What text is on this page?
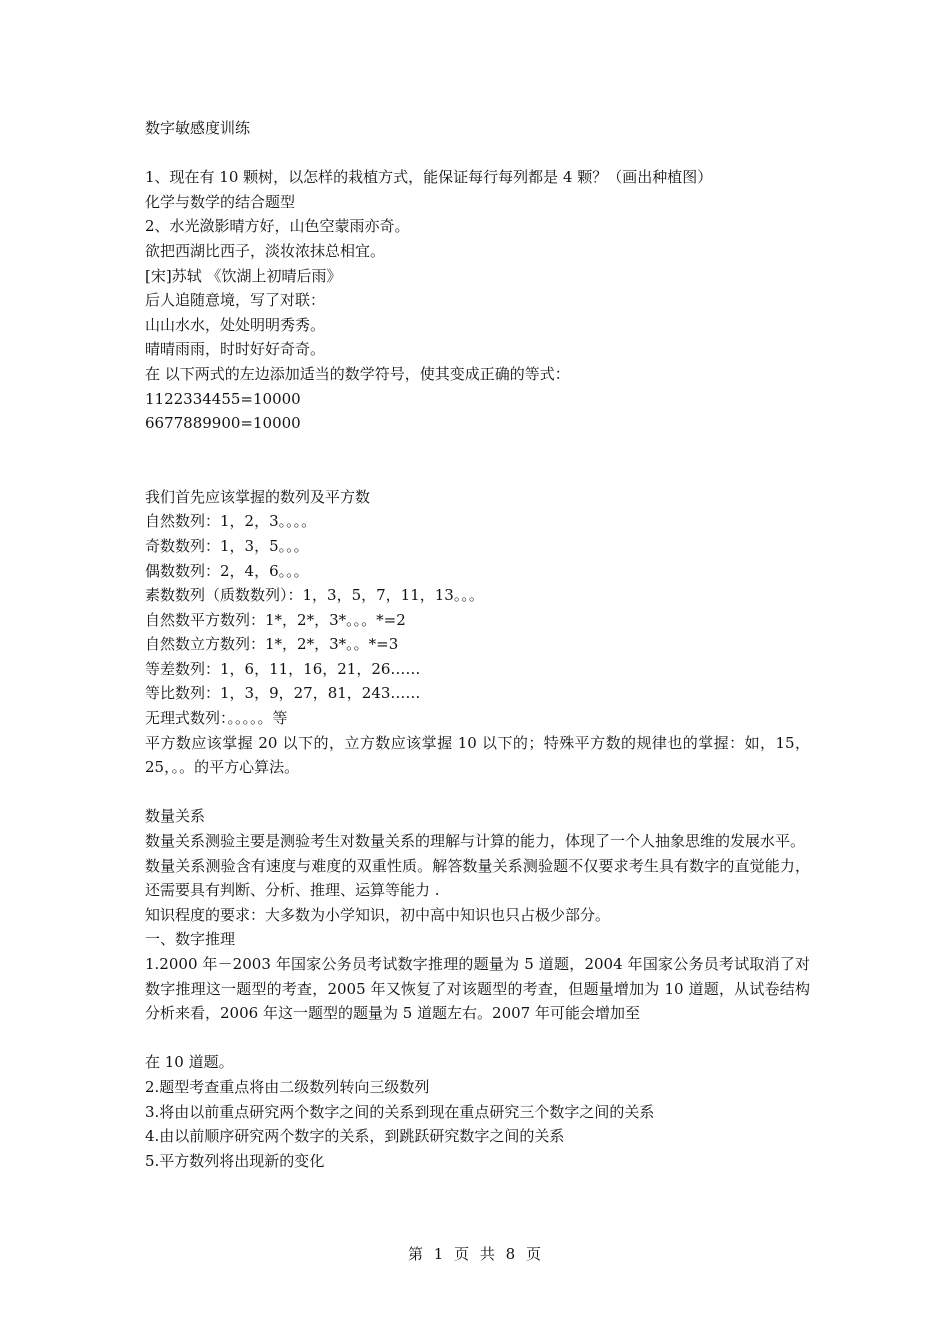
数字敏感度训练

1、现在有 10 颗树，以怎样的栽植方式，能保证每行每列都是 4 颗？（画出种植图）

化学与数学的结合题型

2、水光潋影晴方好，山色空蒙雨亦奇。

欲把西湖比西子，淡妆浓抹总相宜。

[宋]苏轼 《饮湖上初晴后雨》

后人追随意境，写了对联：

山山水水，处处明明秀秀。

晴晴雨雨，时时好好奇奇。

在 以下两式的左边添加适当的数学符号，使其变成正确的等式：

1122334455=10000

6677889900=10000

我们首先应该掌握的数列及平方数

自然数列：1，2，3。。。。

奇数数列：1，3，5。。。

偶数数列：2，4，6。。。

素数数列（质数数列）：1，3，5，7，11，13。。。

自然数平方数列：1*，2*，3*。。。*=2

自然数立方数列：1*，2*，3*。。*=3

等差数列：1，6，11，16，21，26……

等比数列：1，3，9，27，81，243……

无理式数列：。。。。。等

平方数应该掌握 20 以下的，立方数应该掌握 10 以下的；特殊平方数的规律也的掌握：如，15，25，。。的平方心算法。

数量关系

数量关系测验主要是测验考生对数量关系的理解与计算的能力，体现了一个人抽象思维的发展水平。

数量关系测验含有速度与难度的双重性质。解答数量关系测验题不仅要求考生具有数字的直觉能力，还需要具有判断、分析、推理、运算等能力 .

知识程度的要求：大多数为小学知识，初中高中知识也只占极少部分。

一、数字推理

1.2000 年－2003 年国家公务员考试数字推理的题量为 5 道题，2004 年国家公务员考试取消了对数字推理这一题型的考查，2005 年又恢复了对该题型的考查，但题量增加为 10 道题，从试卷结构分析来看，2006 年这一题型的题量为 5 道题左右。2007 年可能会增加至

在 10 道题。

2.题型考查重点将由二级数列转向三级数列

3.将由以前重点研究两个数字之间的关系到现在重点研究三个数字之间的关系

4.由以前顺序研究两个数字的关系，到跳跃研究数字之间的关系

5.平方数列将出现新的变化

第 1 页 共 8 页
